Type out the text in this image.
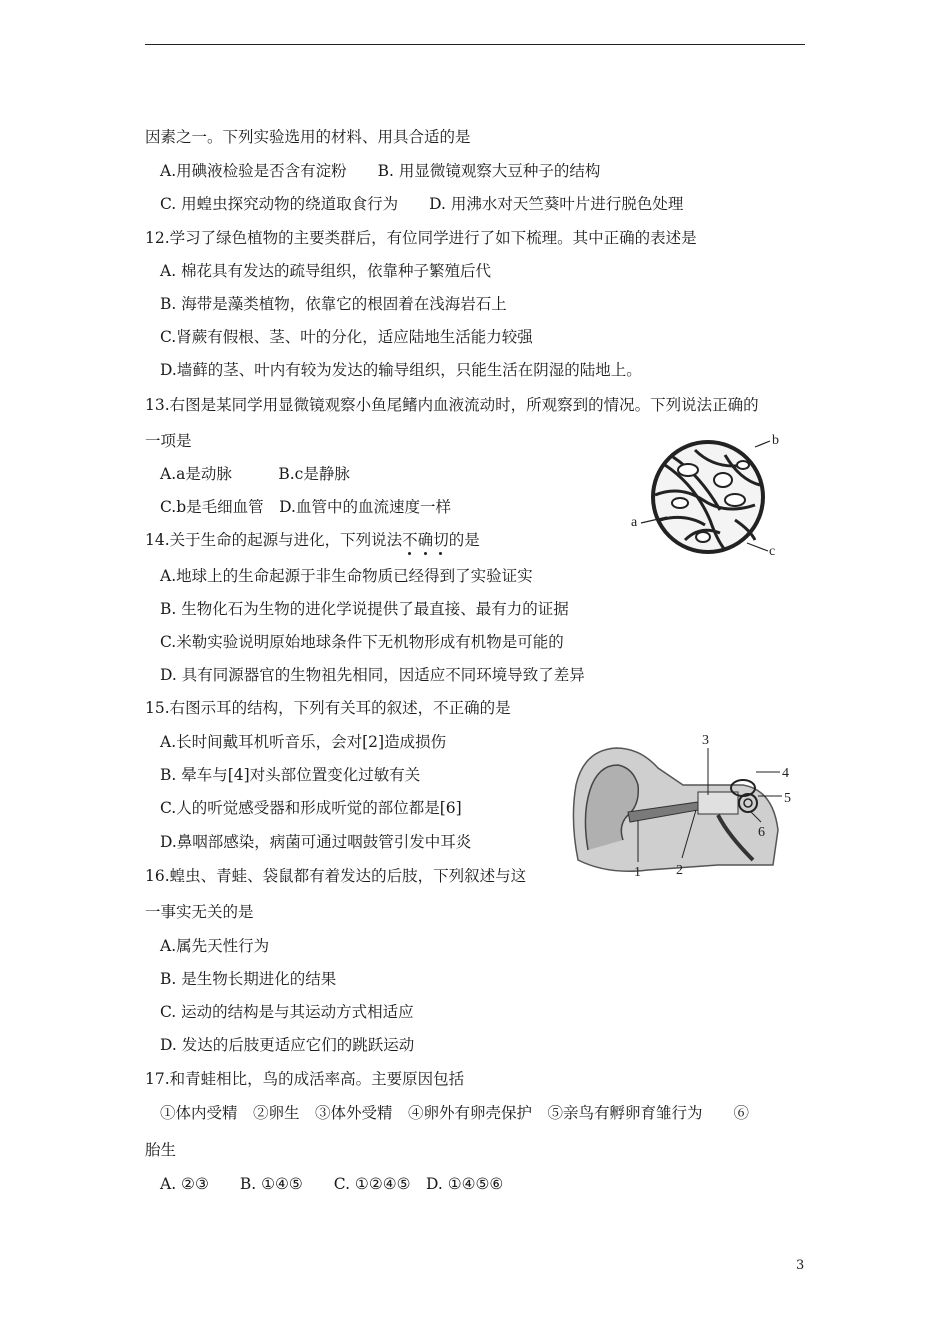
因素之一。下列实验选用的材料、用具合适的是
A.用碘液检验是否含有淀粉　　B. 用显微镜观察大豆种子的结构
C. 用蝗虫探究动物的绕道取食行为　　D. 用沸水对天竺葵叶片进行脱色处理
12.学习了绿色植物的主要类群后，有位同学进行了如下梳理。其中正确的表述是
A. 棉花具有发达的疏导组织，依靠种子繁殖后代
B. 海带是藻类植物，依靠它的根固着在浅海岩石上
C.肾蕨有假根、茎、叶的分化，适应陆地生活能力较强
D.墙藓的茎、叶内有较为发达的输导组织，只能生活在阴湿的陆地上。
13.右图是某同学用显微镜观察小鱼尾鳍内血液流动时，所观察到的情况。下列说法正确的
一项是
A.a是动脉　　　B.c是静脉
C.b是毛细血管　D.血管中的血流速度一样
14.关于生命的起源与进化，下列说法不确切的是
A.地球上的生命起源于非生命物质已经得到了实验证实
B. 生物化石为生物的进化学说提供了最直接、最有力的证据
C.米勒实验说明原始地球条件下无机物形成有机物是可能的
D. 具有同源器官的生物祖先相同，因适应不同环境导致了差异
15.右图示耳的结构，下列有关耳的叙述，不正确的是
A.长时间戴耳机听音乐，会对[2]造成损伤
B. 晕车与[4]对头部位置变化过敏有关
C.人的听觉感受器和形成听觉的部位都是[6]
D.鼻咽部感染，病菌可通过咽鼓管引发中耳炎
16.蝗虫、青蛙、袋鼠都有着发达的后肢，下列叙述与这
一事实无关的是
A.属先天性行为
B. 是生物长期进化的结果
C. 运动的结构是与其运动方式相适应
D. 发达的后肢更适应它们的跳跃运动
17.和青蛙相比，鸟的成活率高。主要原因包括
①体内受精　②卵生　③体外受精　④卵外有卵壳保护　⑤亲鸟有孵卵育雏行为　　⑥
胎生
A. ②③　　B. ①④⑤　　C. ①②④⑤　D. ①④⑤⑥
b
c
a
3
4
5
6
1	2
3
